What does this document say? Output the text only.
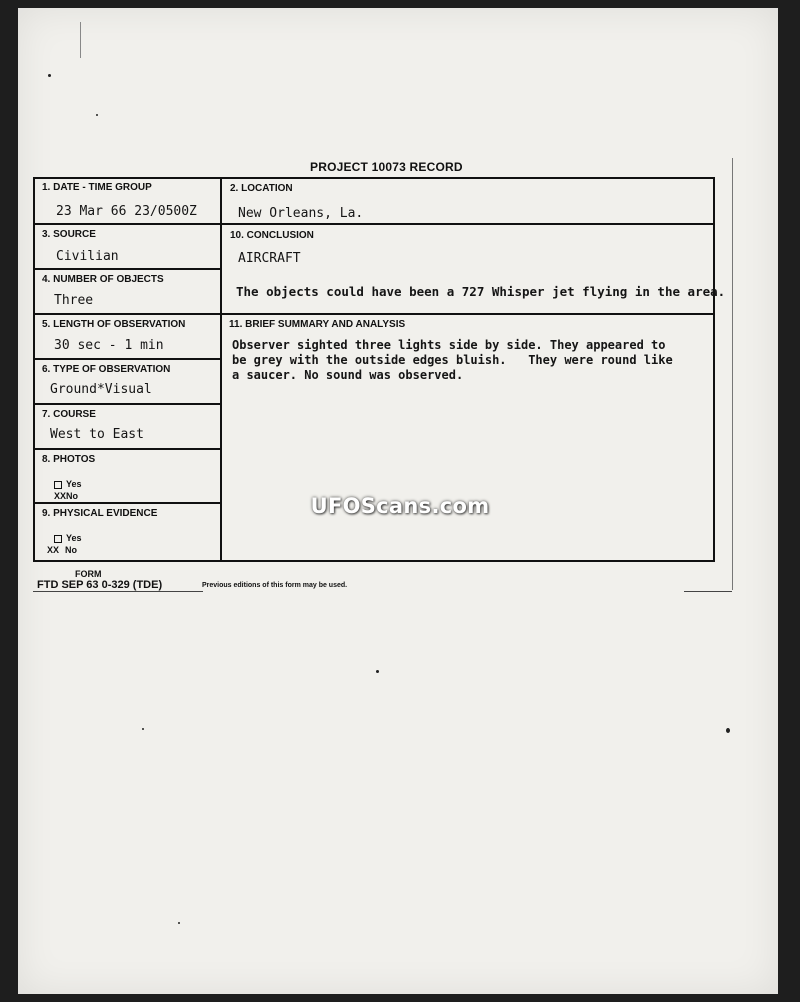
PROJECT 10073 RECORD
1. DATE - TIME GROUP
23 Mar 66 23/0500Z
2. LOCATION
New Orleans, La.
3. SOURCE
Civilian
10. CONCLUSION
AIRCRAFT
The objects could have been a 727 Whisper jet flying in the area.
4. NUMBER OF OBJECTS
Three
5. LENGTH OF OBSERVATION
30 sec - 1 min
11. BRIEF SUMMARY AND ANALYSIS
Observer sighted three lights side by side. They appeared to
be grey with the outside edges bluish.   They were round like
a saucer. No sound was observed.
6. TYPE OF OBSERVATION
Ground*Visual
7. COURSE
West to East
8. PHOTOS
Yes
XXNo
9. PHYSICAL EVIDENCE
Yes
XX No
FORM
FTD SEP 63 0-329 (TDE)	Previous editions of this form may be used.
UFOScans.com
